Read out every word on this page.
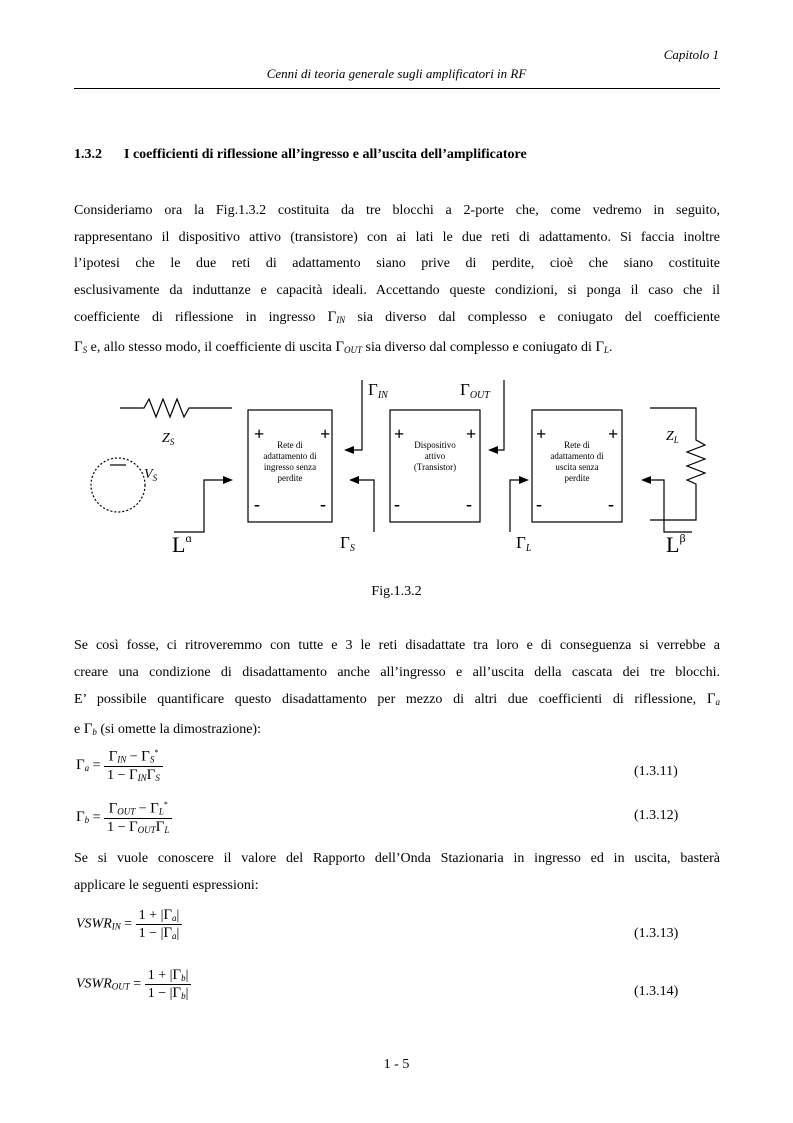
Capitolo 1
Cenni di teoria generale sugli amplificatori in RF
1.3.2 I coefficienti di riflessione all’ingresso e all’uscita dell’amplificatore
Consideriamo ora la Fig.1.3.2 costituita da tre blocchi a 2-porte che, come vedremo in seguito,
rappresentano il dispositivo attivo (transistore) con ai lati le due reti di adattamento. Si faccia inoltre
l’ipotesi che le due reti di adattamento siano prive di perdite, cioè che siano costituite
esclusivamente da induttanze e capacità ideali. Accettando queste condizioni, si ponga il caso che il
coefficiente di riflessione in ingresso $\Gamma_{IN}$ sia diverso dal complesso e coniugato del coefficiente
$\Gamma_S$ e, allo stesso modo, il coefficiente di uscita $\Gamma_{OUT}$ sia diverso dal complesso e coniugato di $\Gamma_L$.
ΓIN	ΓOUT
$Z_S$
$V_S$
$L^ɑ$
+	+
-	-
Rete di
adattamento di
ingresso senza
perdite
+	+
-	-
Dispositivo
attivo
(Transistor)
+	+
-	-
Rete di
adattamento di
uscita senza
perdite
ΓS	ΓL
$Z_L$
$L^\beta$
Fig.1.3.2
Se così fosse, ci ritroveremmo con tutte e 3 le reti disadattate tra loro e di conseguenza si verrebbe a
creare una condizione di disadattamento anche all’ingresso e all’uscita della cascata dei tre blocchi.
E’ possibile quantificare questo disadattamento per mezzo di altri due coefficienti di riflessione, $\Gamma_a$
e $\Gamma_b$ (si omette la dimostrazione):
$\Gamma_a = \frac{\Gamma_{IN} - \Gamma_S^*}{1 - \Gamma_{IN}\Gamma_S}$	(1.3.11)
$\Gamma_b = \frac{\Gamma_{OUT} - \Gamma_L^*}{1 - \Gamma_{OUT}\Gamma_L}$	(1.3.12)
Se si vuole conoscere il valore del Rapporto dell’Onda Stazionaria in ingresso ed in uscita, basterà
applicare le seguenti espressioni:
$VSWR_{IN} = \frac{1 + |\Gamma_a|}{1 - |\Gamma_a|}$	(1.3.13)
$VSWR_{OUT} = \frac{1 + |\Gamma_b|}{1 - |\Gamma_b|}$	(1.3.14)
1 - 5
